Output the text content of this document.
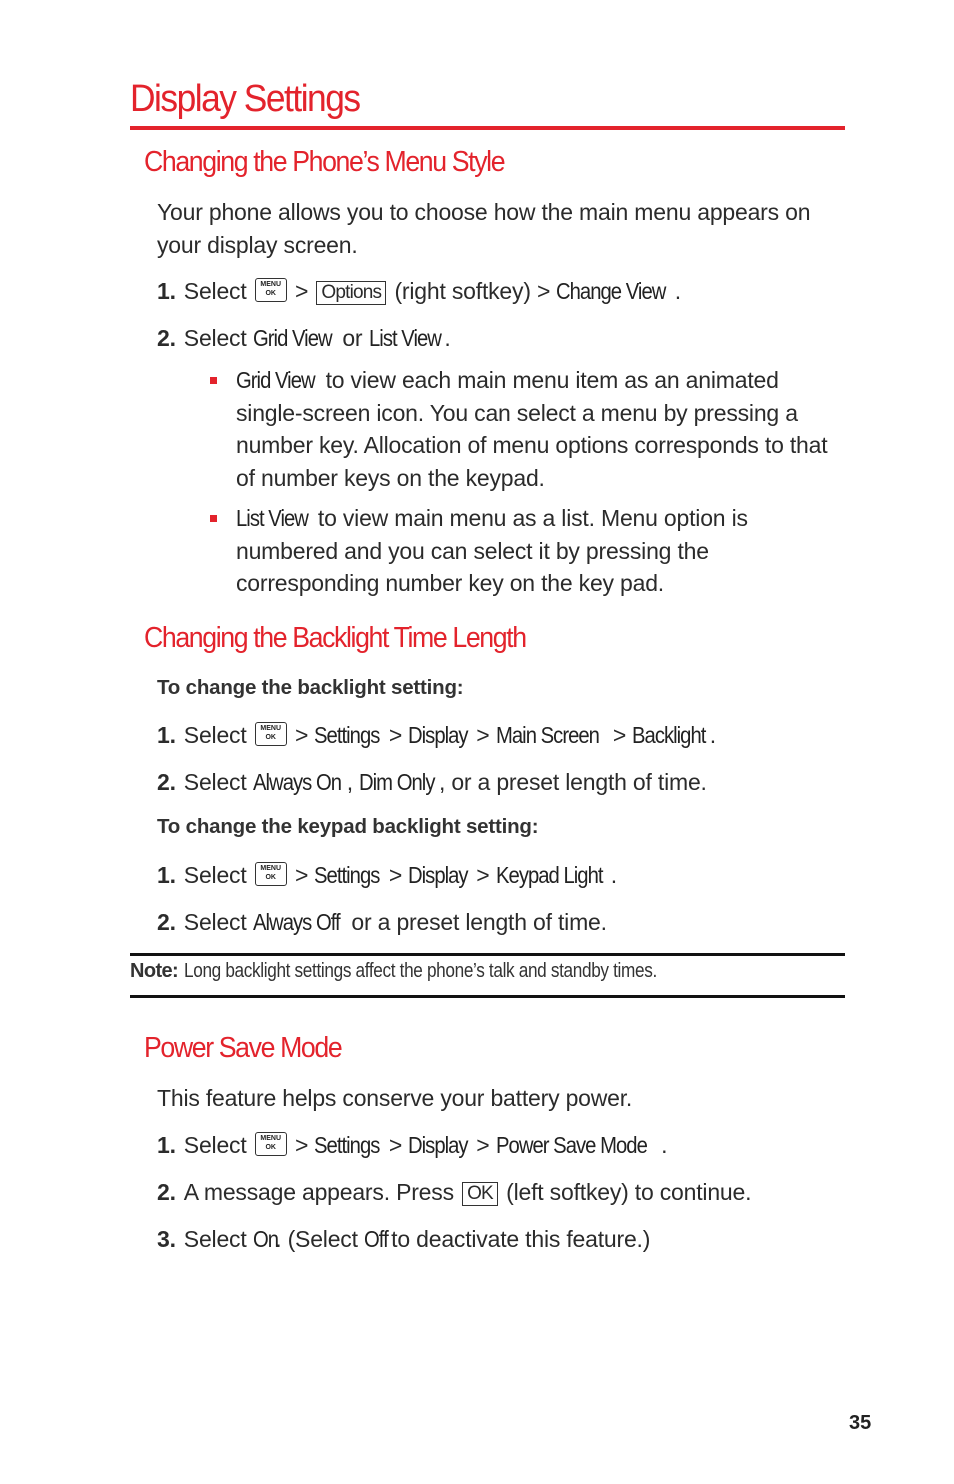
Display Settings
Changing the Phone’s Menu Style
Your phone allows you to choose how the main menu appears on your display screen.
1. Select	MENU
OK > Options (right softkey) > Change View .
2. Select Grid View or List View .
Grid View to view each main menu item as an animated single-screen icon. You can select a menu by pressing a number key. Allocation of menu options corresponds to that of number keys on the keypad.
List View to view main menu as a list. Menu option is numbered and you can select it by pressing the corresponding number key on the key pad.
Changing the Backlight Time Length
To change the backlight setting:
1. Select	MENU
OK > Settings > Display > Main Screen > Backlight .
2. Select Always On , Dim Only , or a preset length of time.
To change the keypad backlight setting:
1. Select	MENU
OK > Settings > Display > Keypad Light .
2. Select Always Off or a preset length of time.
Note: Long backlight settings affect the phone’s talk and standby times.
Power Save Mode
This feature helps conserve your battery power.
1. Select	MENU
OK > Settings > Display > Power Save Mode .
2. A message appears. Press OK (left softkey) to continue.
3. Select On. (Select Off to deactivate this feature.)
35
